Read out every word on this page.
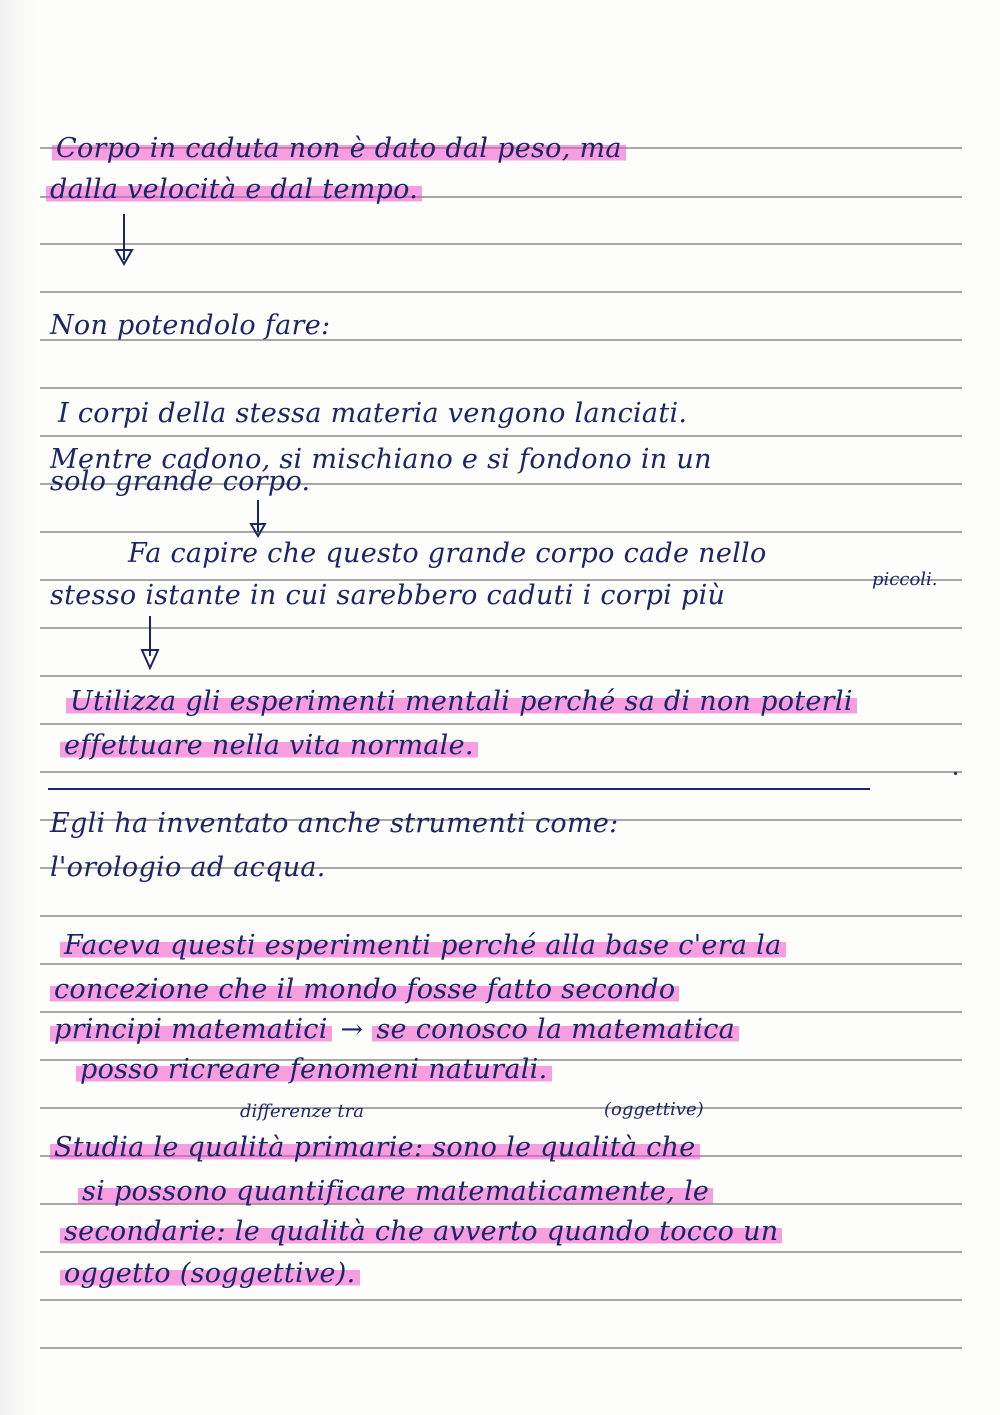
Corpo in caduta non è dato dal peso, ma
dalla velocità e dal tempo.
Non potendolo fare:
I corpi della stessa materia vengono lanciati.
Mentre cadono, si mischiano e si fondono in un
solo grande corpo.
Fa capire che questo grande corpo cade nello
stesso istante in cui sarebbero caduti i corpi più
piccoli.
Utilizza gli esperimenti mentali perché sa di non poterli
effettuare nella vita normale.
Egli ha inventato anche strumenti come:
l'orologio ad acqua.
Faceva questi esperimenti perché alla base c'era la
concezione che il mondo fosse fatto secondo
principi matematici → se conosco la matematica
posso ricreare fenomeni naturali.
differenze tra	(oggettive)
Studia le qualità primarie: sono le qualità che
si possono quantificare matematicamente, le
secondarie: le qualità che avverto quando tocco un
oggetto (soggettive).
